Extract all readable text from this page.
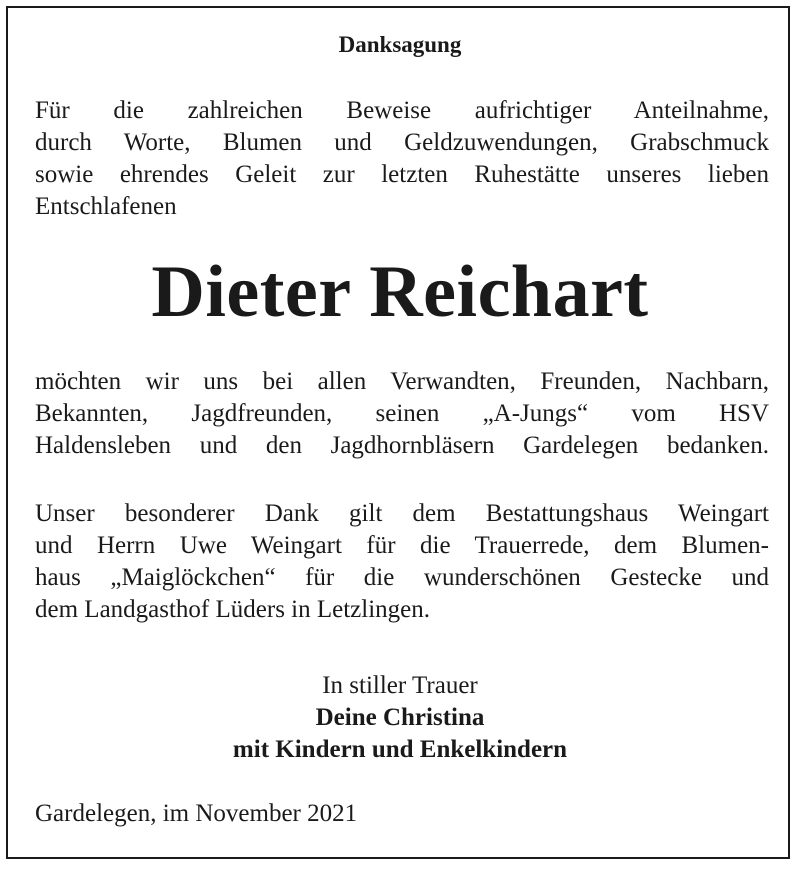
Danksagung
Für die zahlreichen Beweise aufrichtiger Anteilnahme,
durch Worte, Blumen und Geldzuwendungen, Grabschmuck
sowie ehrendes Geleit zur letzten Ruhestätte unseres lieben
Entschlafenen
Dieter Reichart
möchten wir uns bei allen Verwandten, Freunden, Nachbarn,
Bekannten, Jagdfreunden, seinen „A-Jungs“ vom HSV
Haldensleben und den Jagdhornbläsern Gardelegen bedanken.
Unser besonderer Dank gilt dem Bestattungshaus Weingart
und Herrn Uwe Weingart für die Trauerrede, dem Blumen-
haus „Maiglöckchen“ für die wunderschönen Gestecke und
dem Landgasthof Lüders in Letzlingen.
In stiller Trauer
Deine Christina
mit Kindern und Enkelkindern
Gardelegen, im November 2021
